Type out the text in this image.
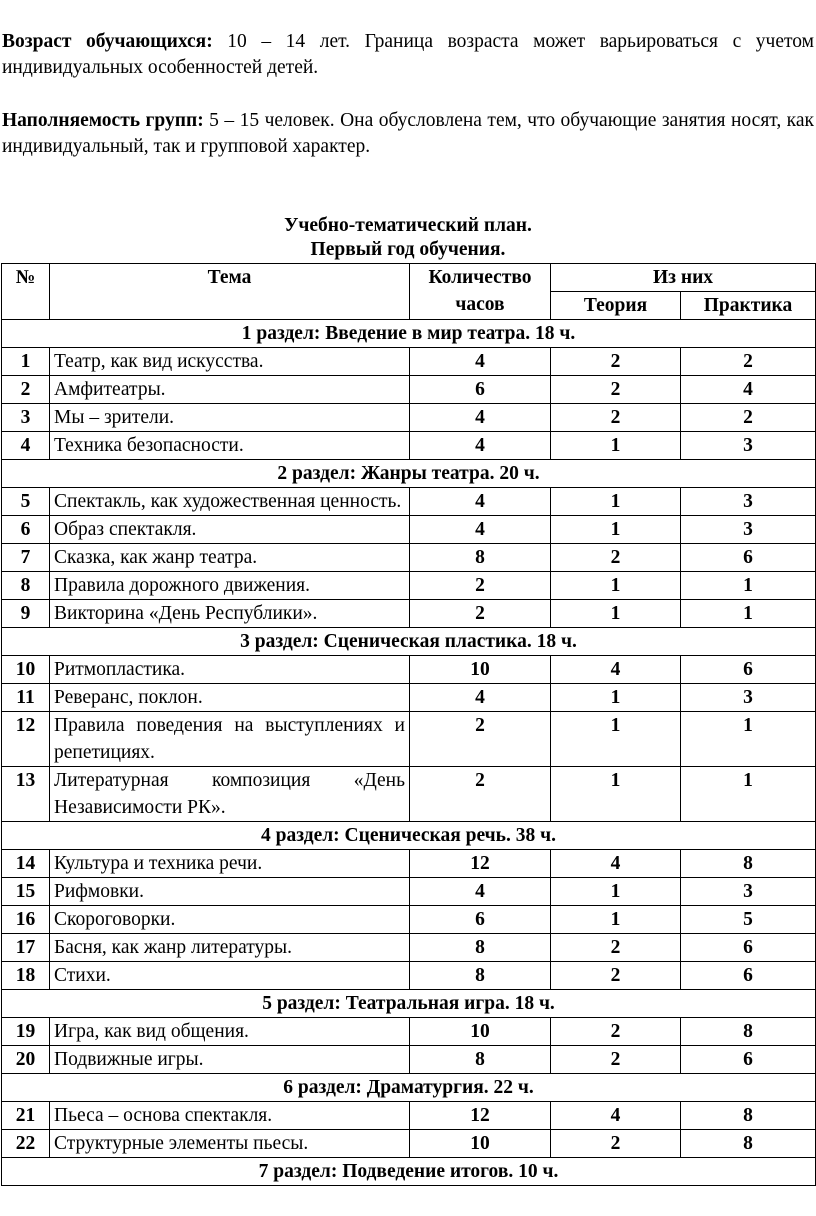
Возраст обучающихся: 10 – 14 лет. Граница возраста может варьироваться с учетом индивидуальных особенностей детей.
Наполняемость групп: 5 – 15 человек. Она обусловлена тем, что обучающие занятия носят, как индивидуальный, так и групповой характер.
Учебно-тематический план.
Первый год обучения.
№	Тема	Количество часов	Из них	
			Теория	Практика
1 раздел: Введение в мир театра. 18 ч.				
1	Театр, как вид искусства.	4	2	2
2	Амфитеатры.	6	2	4
3	Мы – зрители.	4	2	2
4	Техника безопасности.	4	1	3
2 раздел: Жанры театра. 20 ч.				
5	Спектакль, как художественная ценность.	4	1	3
6	Образ спектакля.	4	1	3
7	Сказка, как жанр театра.	8	2	6
8	Правила дорожного движения.	2	1	1
9	Викторина «День Республики».	2	1	1
3 раздел: Сценическая пластика. 18 ч.				
10	Ритмопластика.	10	4	6
11	Реверанс, поклон.	4	1	3
12	Правила поведения на выступлениях и репетициях.	2	1	1
13	Литературная композиция «День Независимости РК».	2	1	1
4 раздел: Сценическая речь. 38 ч.				
14	Культура и техника речи.	12	4	8
15	Рифмовки.	4	1	3
16	Скороговорки.	6	1	5
17	Басня, как жанр литературы.	8	2	6
18	Стихи.	8	2	6
5 раздел: Театральная игра. 18 ч.				
19	Игра, как вид общения.	10	2	8
20	Подвижные игры.	8	2	6
6 раздел: Драматургия. 22 ч.				
21	Пьеса – основа спектакля.	12	4	8
22	Структурные элементы пьесы.	10	2	8
7 раздел: Подведение итогов. 10 ч.				
